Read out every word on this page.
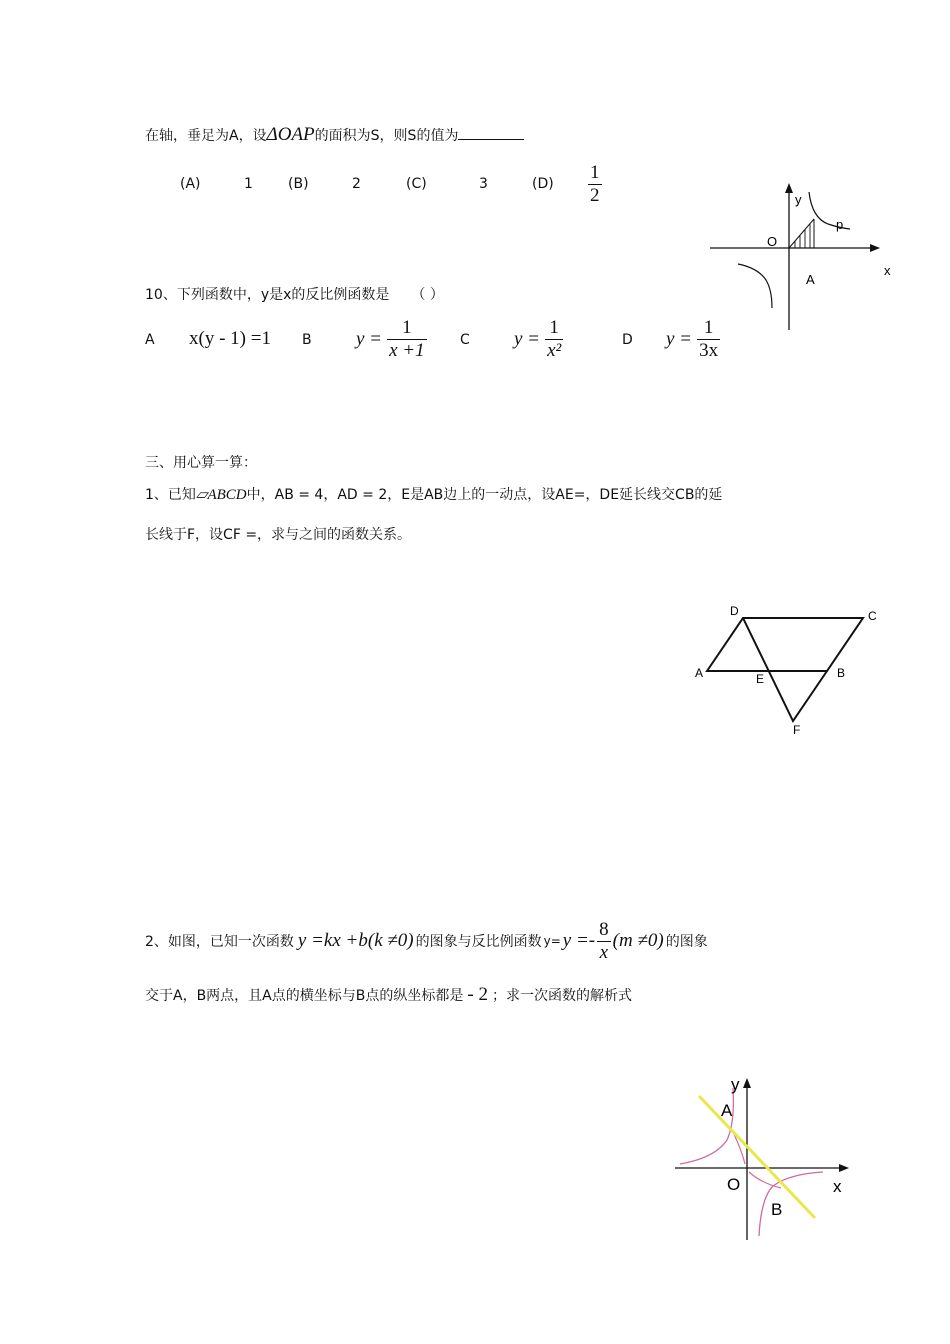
在轴，垂足为A，设ΔOAP的面积为S，则S的值为
(A)	1	(B)	2	(C)	3	$(D) \frac{1}{2}$	y
x
O
p
A
10、下列函数中，y是x的反比例函数是 （ ）
A x(y - 1) =1 B $y = \frac{1}{x +1}$ C $y = \frac{1}{\text{x²}}$	D $y = \frac{1}{3x}$
三、用心算一算：
1、已知▱ABCD中，AB = 4，AD = 2，E是AB边上的一动点，设AE=，DE延长线交CB的延
长线于F，设CF =，求与之间的函数关系。
D	C
A	E	B
F
2、如图，已知一次函数 y =kx +b(k ≠0) 的图象与反比例函数 $y= y =- \frac{8}{x} (m \ne 0)$ 的图象
交于A，B两点，且A点的横坐标与B点的纵坐标都是 - 2 ；求一次函数的解析式
y
x
A
O
B
